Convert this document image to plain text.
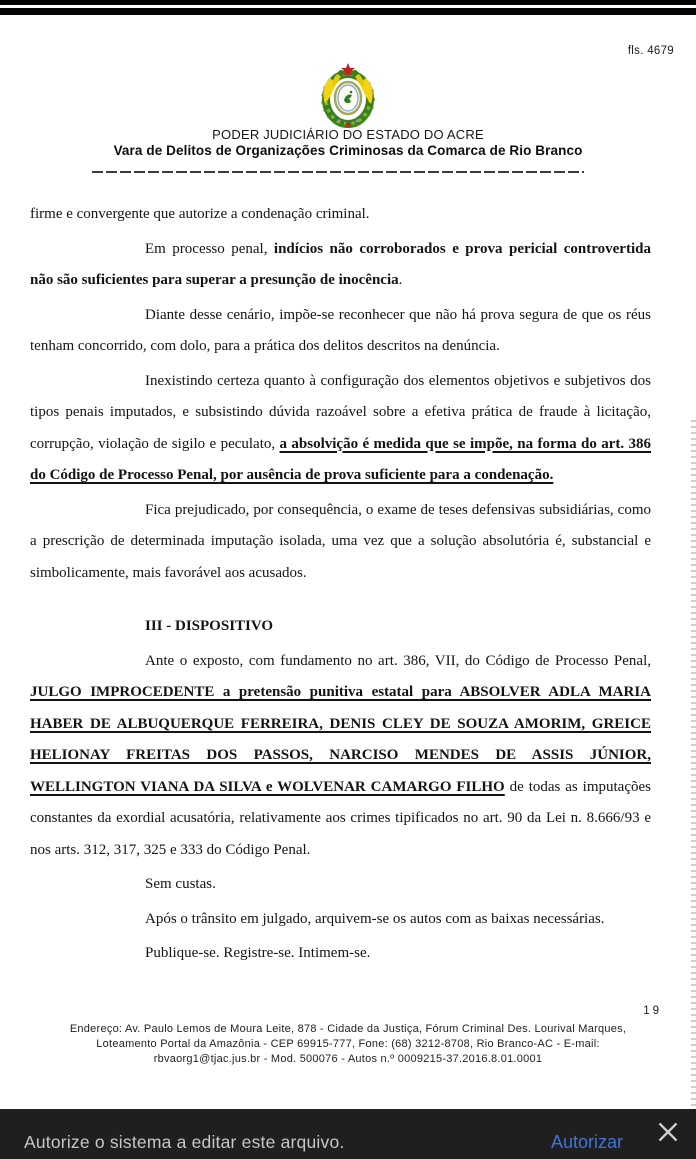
fls. 4679
PODER JUDICIÁRIO DO ESTADO DO ACRE
Vara de Delitos de Organizações Criminosas da Comarca de Rio Branco

firme e convergente que autorize a condenação criminal.

Em processo penal, indícios não corroborados e prova pericial controvertida não são suficientes para superar a presunção de inocência.

Diante desse cenário, impõe-se reconhecer que não há prova segura de que os réus tenham concorrido, com dolo, para a prática dos delitos descritos na denúncia.

Inexistindo certeza quanto à configuração dos elementos objetivos e subjetivos dos tipos penais imputados, e subsistindo dúvida razoável sobre a efetiva prática de fraude à licitação, corrupção, violação de sigilo e peculato, a absolvição é medida que se impõe, na forma do art. 386 do Código de Processo Penal, por ausência de prova suficiente para a condenação.

Fica prejudicado, por consequência, o exame de teses defensivas subsidiárias, como a prescrição de determinada imputação isolada, uma vez que a solução absolutória é, substancial e simbolicamente, mais favorável aos acusados.

III - DISPOSITIVO

Ante o exposto, com fundamento no art. 386, VII, do Código de Processo Penal, JULGO IMPROCEDENTE a pretensão punitiva estatal para ABSOLVER ADLA MARIA HABER DE ALBUQUERQUE FERREIRA, DENIS CLEY DE SOUZA AMORIM, GREICE HELIONAY FREITAS DOS PASSOS, NARCISO MENDES DE ASSIS JÚNIOR, WELLINGTON VIANA DA SILVA e WOLVENAR CAMARGO FILHO de todas as imputações constantes da exordial acusatória, relativamente aos crimes tipificados no art. 90 da Lei n. 8.666/93 e nos arts. 312, 317, 325 e 333 do Código Penal.

Sem custas.

Após o trânsito em julgado, arquivem-se os autos com as baixas necessárias.

Publique-se. Registre-se. Intimem-se.

19
Endereço: Av. Paulo Lemos de Moura Leite, 878 - Cidade da Justiça, Fórum Criminal Des. Lourival Marques,
Loteamento Portal da Amazônia - CEP 69915-777, Fone: (68) 3212-8708, Rio Branco-AC - E-mail:
rbvaorg1@tjac.jus.br - Mod. 500076 - Autos n.º 0009215-37.2016.8.01.0001
Autorize o sistema a editar este arquivo.	Autorizar
